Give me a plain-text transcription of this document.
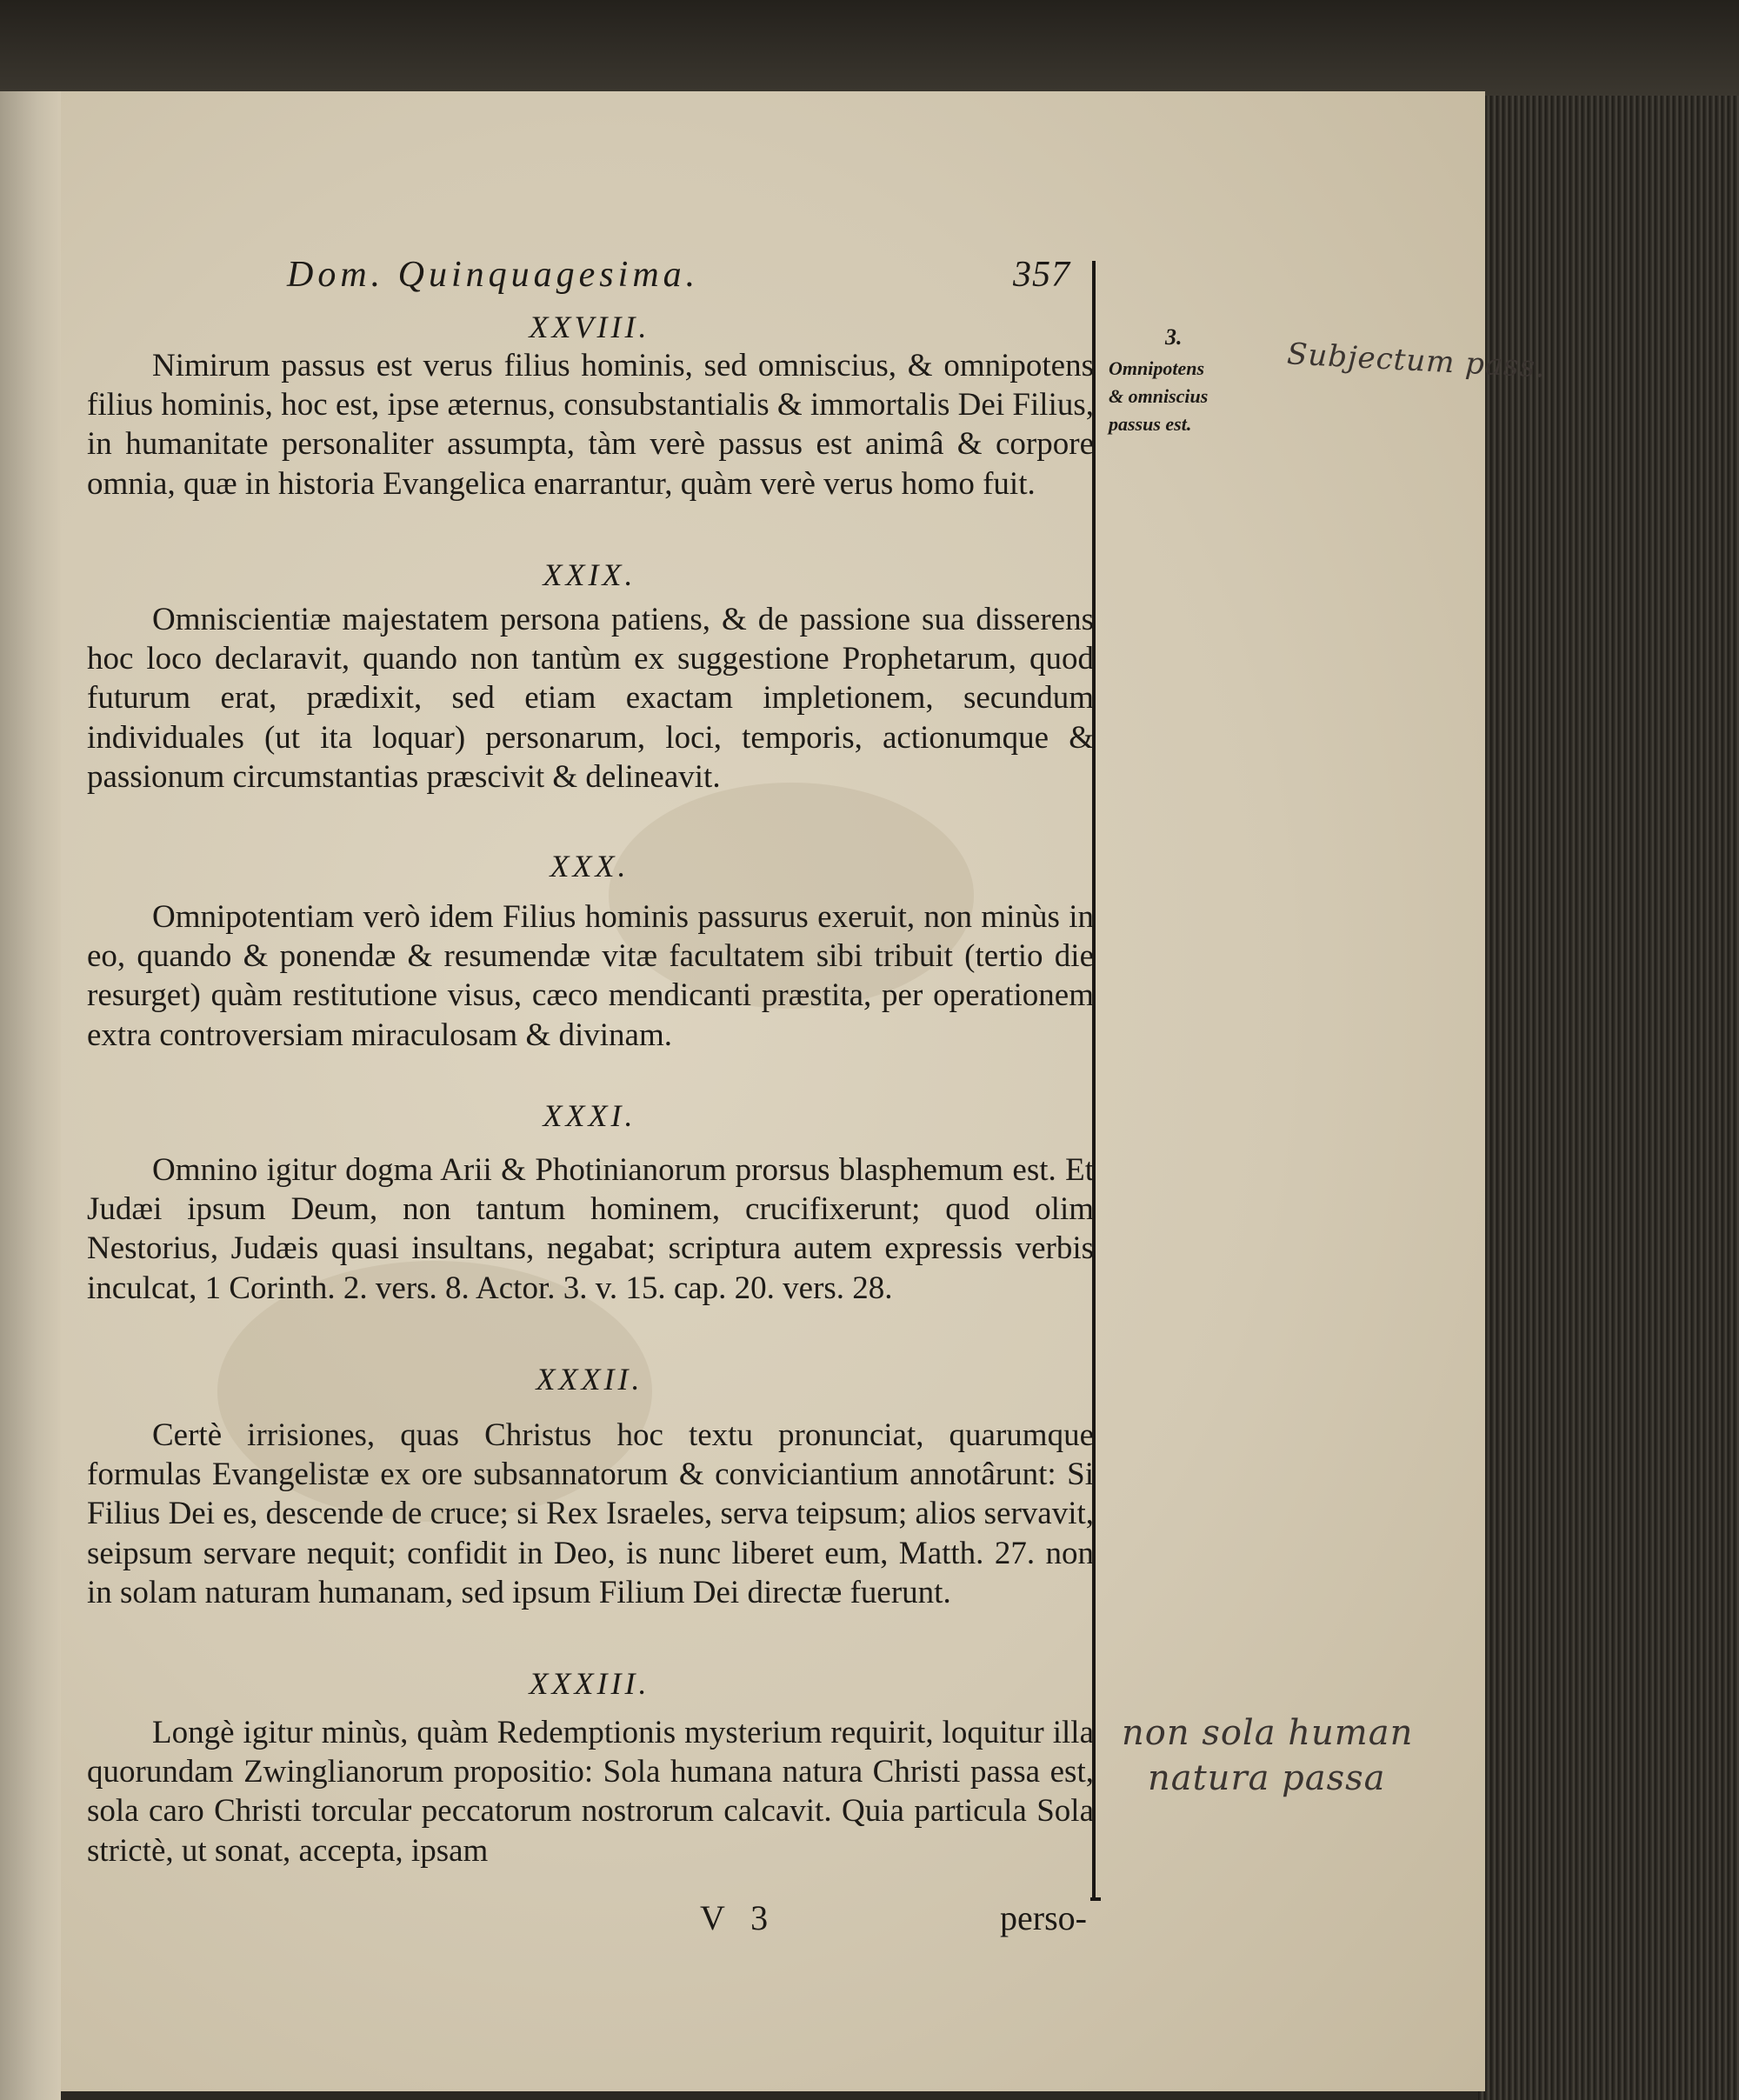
Dom. Quinquagesima.	357
XXVIII.
Nimirum passus est verus filius hominis, sed omniscius, & omnipotens filius hominis, hoc est, ipse æternus, consubstantialis & immortalis Dei Filius, in humanitate personaliter assumpta, tàm verè passus est animâ & corpore omnia, quæ in historia Evangelica enarrantur, quàm verè verus homo fuit.
XXIX.
Omniscientiæ majestatem persona patiens, & de passione sua disserens hoc loco declaravit, quando non tantùm ex suggestione Prophetarum, quod futurum erat, prædixit, sed etiam exactam impletionem, secundum individuales (ut ita loquar) personarum, loci, temporis, actionumque & passionum circumstantias præscivit & delineavit.
XXX.
Omnipotentiam verò idem Filius hominis passurus exeruit, non minùs in eo, quando & ponendæ & resumendæ vitæ facultatem sibi tribuit (tertio die resurget) quàm restitutione visus, cæco mendicanti præstita, per operationem extra controversiam miraculosam & divinam.
XXXI.
Omnino igitur dogma Arii & Photinianorum prorsus blasphemum est. Et Judæi ipsum Deum, non tantum hominem, crucifixerunt; quod olim Nestorius, Judæis quasi insultans, negabat; scriptura autem expressis verbis inculcat, 1 Corinth. 2. vers. 8. Actor. 3. v. 15. cap. 20. vers. 28.
XXXII.
Certè irrisiones, quas Christus hoc textu pronunciat, quarumque formulas Evangelistæ ex ore subsannatorum & conviciantium annotârunt: Si Filius Dei es, descende de cruce; si Rex Israeles, serva teipsum; alios servavit, seipsum servare nequit; confidit in Deo, is nunc liberet eum, Matth. 27. non in solam naturam humanam, sed ipsum Filium Dei directæ fuerunt.
XXXIII.
Longè igitur minùs, quàm Redemptionis mysterium requirit, loquitur illa quorundam Zwinglianorum propositio: Sola humana natura Christi passa est, sola caro Christi torcular peccatorum nostrorum calcavit. Quia particula Sola strictè, ut sonat, accepta, ipsam
3.
Omnipotens
& omniscius
passus est.
Subjectum pass.
non sola human
natura passa
V 3	perso-
